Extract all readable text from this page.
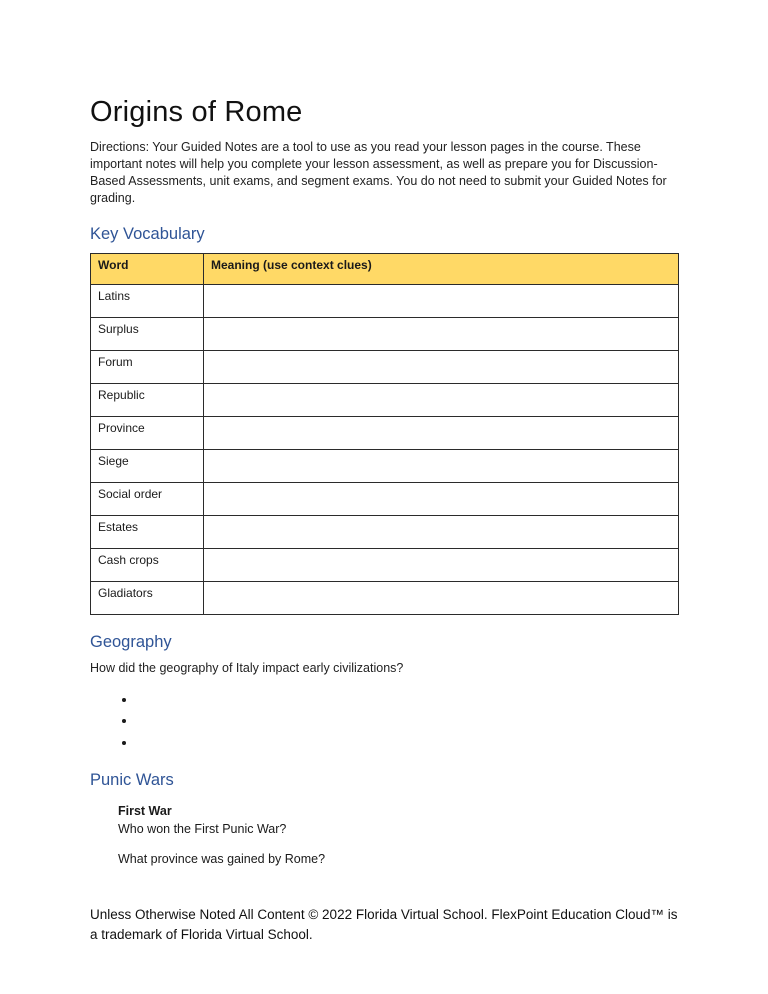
Origins of Rome

Directions: Your Guided Notes are a tool to use as you read your lesson pages in the course. These important notes will help you complete your lesson assessment, as well as prepare you for Discussion-Based Assessments, unit exams, and segment exams. You do not need to submit your Guided Notes for grading.

Key Vocabulary
Word	Meaning (use context clues)
Latins	
Surplus	
Forum	
Republic	
Province	
Siege	
Social order	
Estates	
Cash crops	
Gladiators	
Geography

How did the geography of Italy impact early civilizations?

•
•
•
Punic Wars

First War

Who won the First Punic War?

What province was gained by Rome?

Unless Otherwise Noted All Content © 2022 Florida Virtual School. FlexPoint Education Cloud™ is a trademark of Florida Virtual School.
